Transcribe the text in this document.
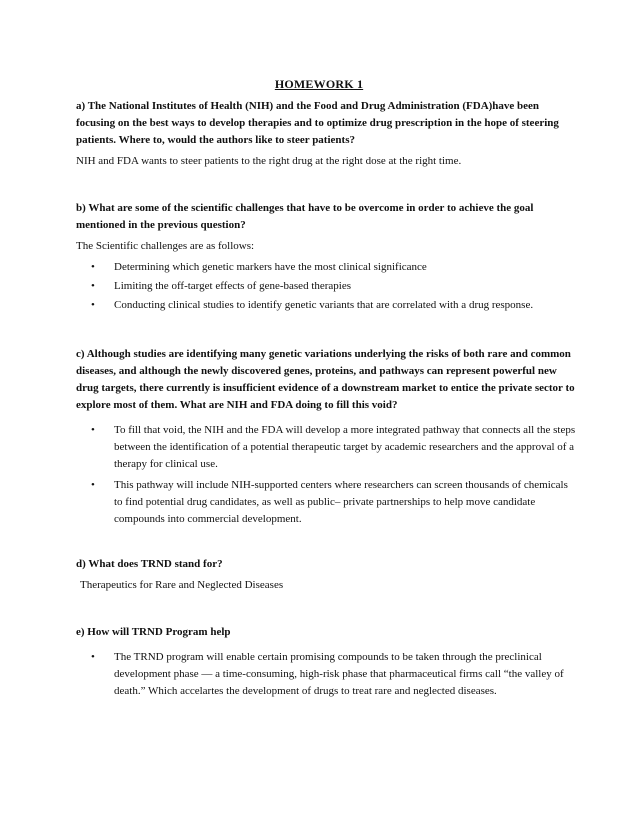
HOMEWORK 1

a) The National Institutes of Health (NIH) and the Food and Drug Administration (FDA)have been focusing on the best ways to develop therapies and to optimize drug prescription in the hope of steering patients. Where to, would the authors like to steer patients?

NIH and FDA wants to steer patients to the right drug at the right dose at the right time.

b) What are some of the scientific challenges that have to be overcome in order to achieve the goal mentioned in the previous question?

The Scientific challenges are as follows:

• Determining which genetic markers have the most clinical significance
• Limiting the off-target effects of gene-based therapies
• Conducting clinical studies to identify genetic variants that are correlated with a drug response.

c) Although studies are identifying many genetic variations underlying the risks of both rare and common diseases, and although the newly discovered genes, proteins, and pathways can represent powerful new drug targets, there currently is insufficient evidence of a downstream market to entice the private sector to explore most of them. What are NIH and FDA doing to fill this void?

• To fill that void, the NIH and the FDA will develop a more integrated pathway that connects all the steps between the identification of a potential therapeutic target by academic researchers and the approval of a therapy for clinical use.
• This pathway will include NIH-supported centers where researchers can screen thousands of chemicals to find potential drug candidates, as well as public– private partnerships to help move candidate compounds into commercial development.

d) What does TRND stand for?

Therapeutics for Rare and Neglected Diseases

e) How will TRND Program help

• The TRND program will enable certain promising compounds to be taken through the preclinical development phase — a time-consuming, high-risk phase that pharmaceutical firms call “the valley of death.” Which accelartes the development of drugs to treat rare and neglected diseases.
